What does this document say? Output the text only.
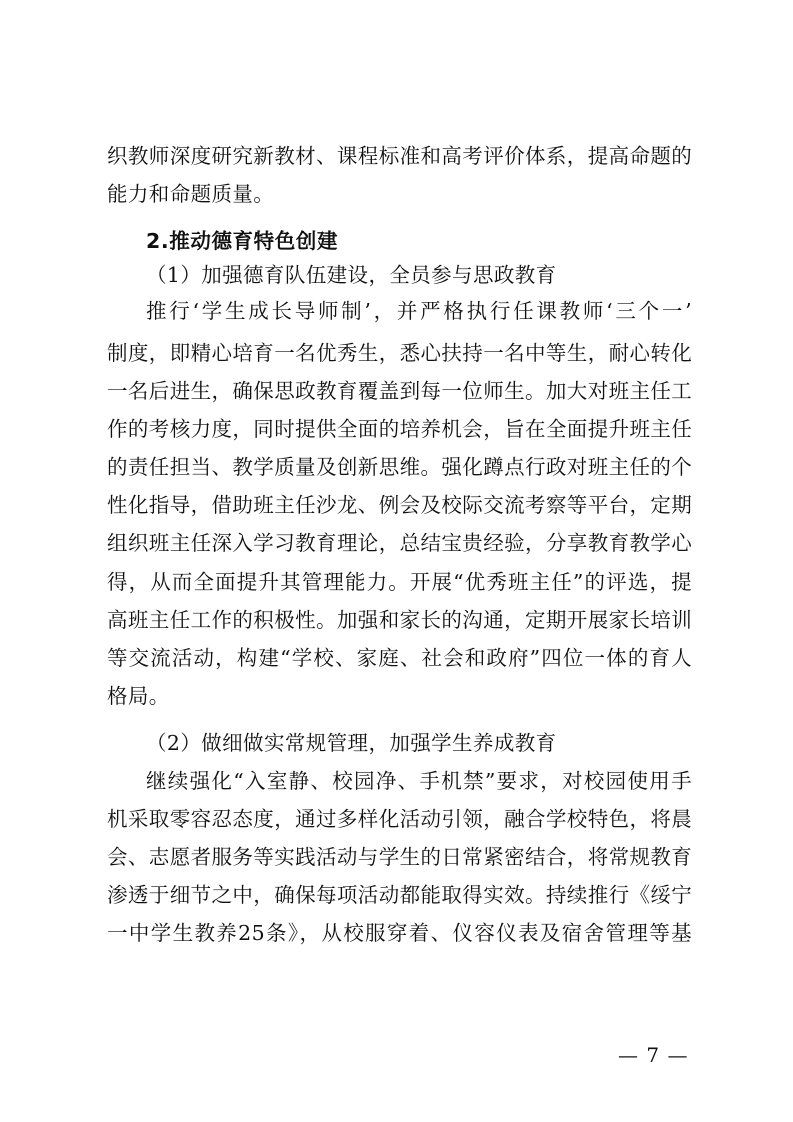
织教师深度研究新教材、课程标准和高考评价体系，提高命题的
能力和命题质量。
2.推动德育特色创建
（1）加强德育队伍建设，全员参与思政教育
推行‘学生成长导师制’，并严格执行任课教师‘三个一’
制度，即精心培育一名优秀生，悉心扶持一名中等生，耐心转化
一名后进生，确保思政教育覆盖到每一位师生。加大对班主任工
作的考核力度，同时提供全面的培养机会，旨在全面提升班主任
的责任担当、教学质量及创新思维。强化蹲点行政对班主任的个
性化指导，借助班主任沙龙、例会及校际交流考察等平台，定期
组织班主任深入学习教育理论，总结宝贵经验，分享教育教学心
得，从而全面提升其管理能力。开展“优秀班主任”的评选，提
高班主任工作的积极性。加强和家长的沟通，定期开展家长培训
等交流活动，构建“学校、家庭、社会和政府”四位一体的育人
格局。
（2）做细做实常规管理，加强学生养成教育
继续强化“入室静、校园净、手机禁”要求，对校园使用手
机采取零容忍态度，通过多样化活动引领，融合学校特色，将晨
会、志愿者服务等实践活动与学生的日常紧密结合，将常规教育
渗透于细节之中，确保每项活动都能取得实效。持续推行《绥宁
一中学生教养25条》，从校服穿着、仪容仪表及宿舍管理等基
— 7 —
